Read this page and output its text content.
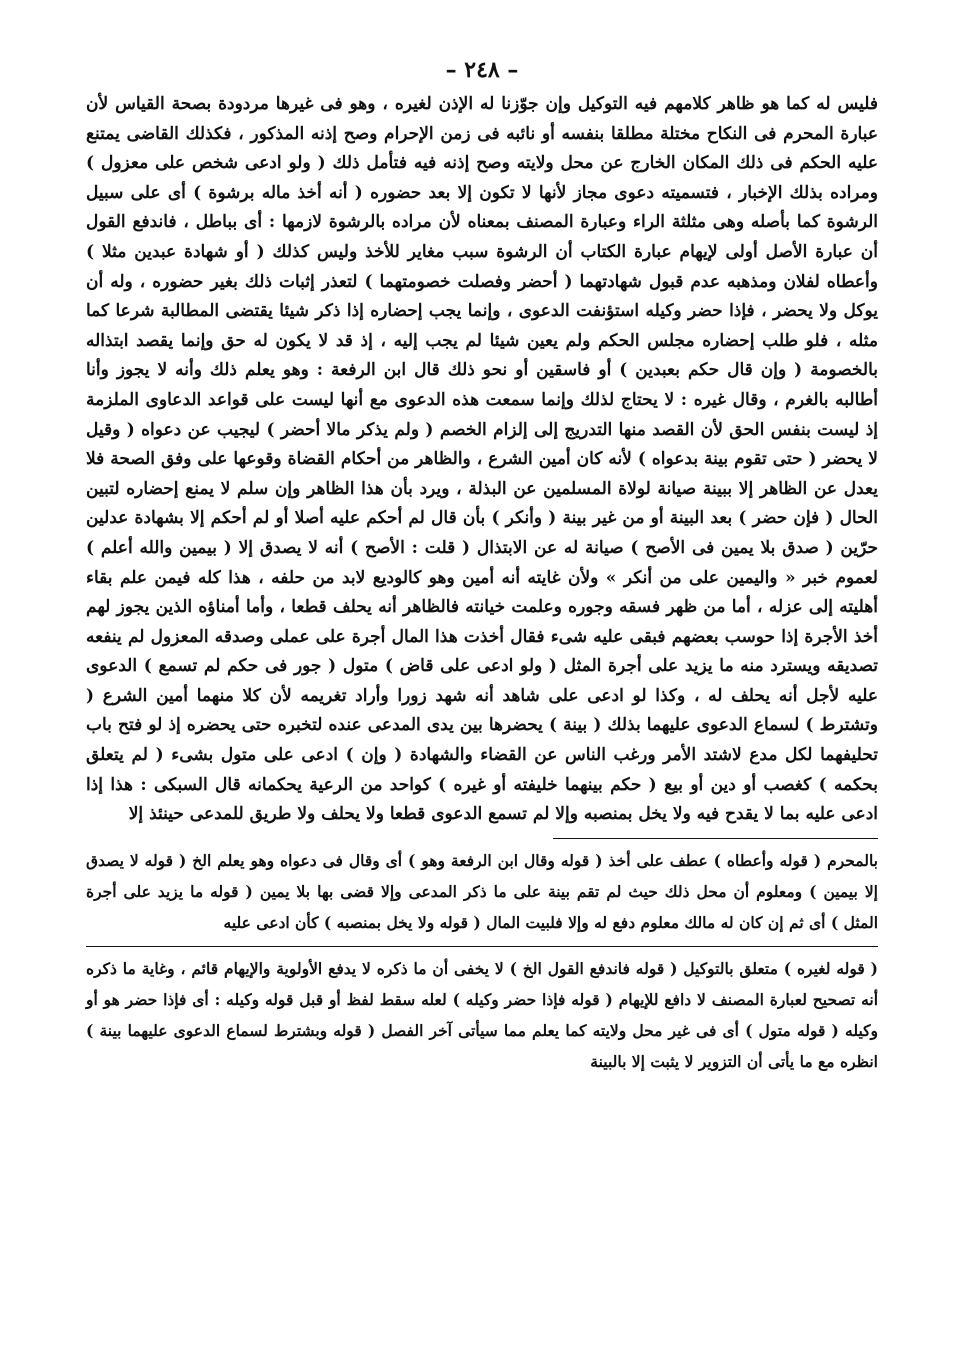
– ٢٤٨ –

فليس له كما هو ظاهر كلامهم فيه التوكيل وإن جوّزنا له الإذن لغيره ، وهو فى غيرها مردودة بصحة القياس لأن عبارة المحرم فى النكاح مختلة مطلقا بنفسه أو نائبه فى زمن الإحرام وصح إذنه المذكور ، فكذلك القاضى يمتنع عليه الحكم فى ذلك المكان الخارج عن محل ولايته وصح إذنه فيه فتأمل ذلك ( ولو ادعى شخص على معزول ) ومراده بذلك الإخبار ، فتسميته دعوى مجاز لأنها لا تكون إلا بعد حضوره ( أنه أخذ ماله برشوة ) أى على سبيل الرشوة كما بأصله وهى مثلثة الراء وعبارة المصنف بمعناه لأن مراده بالرشوة لازمها : أى بباطل ، فاندفع القول أن عبارة الأصل أولى لإيهام عبارة الكتاب أن الرشوة سبب مغاير للأخذ وليس كذلك ( أو شهادة عبدين مثلا ) وأعطاه لفلان ومذهبه عدم قبول شهادتهما ( أحضر وفصلت خصومتهما ) لتعذر إثبات ذلك بغير حضوره ، وله أن يوكل ولا يحضر ، فإذا حضر وكيله استؤنفت الدعوى ، وإنما يجب إحضاره إذا ذكر شيئا يقتضى المطالبة شرعا كما مثله ، فلو طلب إحضاره مجلس الحكم ولم يعين شيئا لم يجب إليه ، إذ قد لا يكون له حق وإنما يقصد ابتذاله بالخصومة ( وإن قال حكم بعبدين ) أو فاسقين أو نحو ذلك قال ابن الرفعة : وهو يعلم ذلك وأنه لا يجوز وأنا أطالبه بالغرم ، وقال غيره : لا يحتاج لذلك وإنما سمعت هذه الدعوى مع أنها ليست على قواعد الدعاوى الملزمة إذ ليست بنفس الحق لأن القصد منها التدريج إلى إلزام الخصم ( ولم يذكر مالا أحضر ) ليجيب عن دعواه ( وقيل لا يحضر ( حتى تقوم بينة بدعواه ) لأنه كان أمين الشرع ، والظاهر من أحكام القضاة وقوعها على وفق الصحة فلا يعدل عن الظاهر إلا ببينة صيانة لولاة المسلمين عن البذلة ، ويرد بأن هذا الظاهر وإن سلم لا يمنع إحضاره لتبين الحال ( فإن حضر ) بعد البينة أو من غير بينة ( وأنكر ) بأن قال لم أحكم عليه أصلا أو لم أحكم إلا بشهادة عدلين حرّين ( صدق بلا يمين فى الأصح ) صيانة له عن الابتذال ( قلت : الأصح ) أنه لا يصدق إلا ( بيمين والله أعلم ) لعموم خبر « واليمين على من أنكر » ولأن غايته أنه أمين وهو كالوديع لابد من حلفه ، هذا كله فيمن علم بقاء أهليته إلى عزله ، أما من ظهر فسقه وجوره وعلمت خيانته فالظاهر أنه يحلف قطعا ، وأما أمناؤه الذين يجوز لهم أخذ الأجرة إذا حوسب بعضهم فبقى عليه شىء فقال أخذت هذا المال أجرة على عملى وصدقه المعزول لم ينفعه تصديقه ويسترد منه ما يزيد على أجرة المثل ( ولو ادعى على قاض ) متول ( جور فى حكم لم تسمع ) الدعوى عليه لأجل أنه يحلف له ، وكذا لو ادعى على شاهد أنه شهد زورا وأراد تغريمه لأن كلا منهما أمين الشرع ( وتشترط ) لسماع الدعوى عليهما بذلك ( بينة ) يحضرها بين يدى المدعى عنده لتخبره حتى يحضره إذ لو فتح باب تحليفهما لكل مدع لاشتد الأمر ورغب الناس عن القضاء والشهادة ( وإن ) ادعى على متول بشىء ( لم يتعلق بحكمه ) كغصب أو دين أو بيع ( حكم بينهما خليفته أو غيره ) كواحد من الرعية يحكمانه قال السبكى : هذا إذا ادعى عليه بما لا يقدح فيه ولا يخل بمنصبه وإلا لم تسمع الدعوى قطعا ولا يحلف ولا طريق للمدعى حينئذ إلا

بالمحرم ( قوله وأعطاه ) عطف على أخذ ( قوله وقال ابن الرفعة وهو ) أى وقال فى دعواه وهو يعلم الخ ( قوله لا يصدق إلا بيمين ) ومعلوم أن محل ذلك حيث لم تقم بينة على ما ذكر المدعى وإلا قضى بها بلا يمين ( قوله ما يزيد على أجرة المثل ) أى ثم إن كان له مالك معلوم دفع له وإلا فلبيت المال ( قوله ولا يخل بمنصبه ) كأن ادعى عليه

( قوله لغيره ) متعلق بالتوكيل ( قوله فاندفع القول الخ ) لا يخفى أن ما ذكره لا يدفع الأولوية والإيهام قائم ، وغاية ما ذكره أنه تصحيح لعبارة المصنف لا دافع للإيهام ( قوله فإذا حضر وكيله ) لعله سقط لفظ أو قبل قوله وكيله : أى فإذا حضر هو أو وكيله ( قوله متول ) أى فى غير محل ولايته كما يعلم مما سيأتى آخر الفصل ( قوله وبشترط لسماع الدعوى عليهما بينة ) انظره مع ما يأتى أن التزوير لا يثبت إلا بالبينة
